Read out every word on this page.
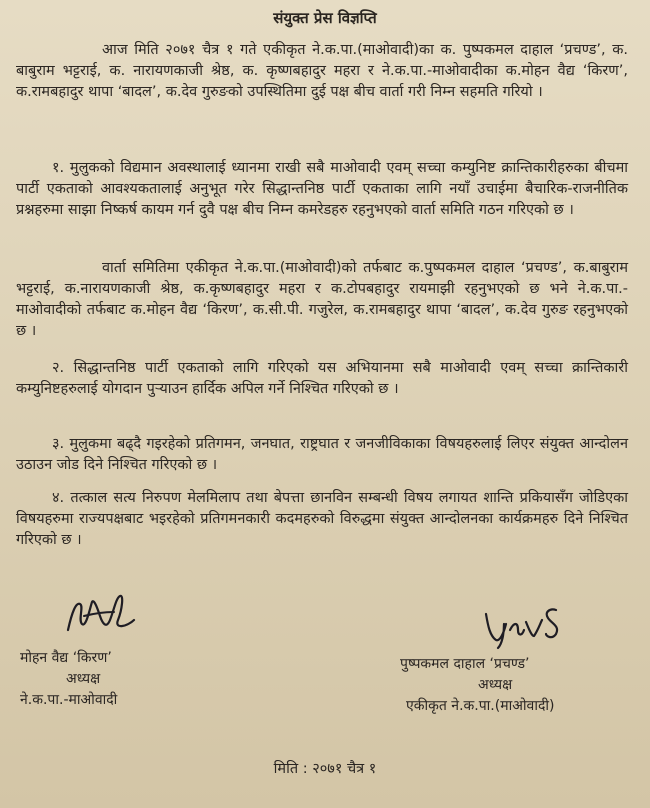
संयुक्त प्रेस विज्ञप्ति

आज मिति २०७१ चैत्र १ गते एकीकृत ने.क.पा.(माओवादी)का क. पुष्पकमल दाहाल ‘प्रचण्ड’, क. बाबुराम भट्टराई, क. नारायणकाजी श्रेष्ठ, क. कृष्णबहादुर महरा र ने.क.पा.-माओवादीका क.मोहन वैद्य ‘किरण’, क.रामबहादुर थापा ‘बादल’, क.देव गुरुङको उपस्थितिमा दुई पक्ष बीच वार्ता गरी निम्न सहमति गरियो ।

१. मुलुकको विद्यमान अवस्थालाई ध्यानमा राखी सबै माओवादी एवम् सच्चा कम्युनिष्ट क्रान्तिकारीहरुका बीचमा पार्टी एकताको आवश्यकतालाई अनुभूत गरेर सिद्धान्तनिष्ठ पार्टी एकताका लागि नयाँ उचाईमा बैचारिक-राजनीतिक प्रश्नहरुमा साझा निष्कर्ष कायम गर्न दुवै पक्ष बीच निम्न कमरेडहरु रहनुभएको वार्ता समिति गठन गरिएको छ ।

वार्ता समितिमा एकीकृत ने.क.पा.(माओवादी)को तर्फबाट क.पुष्पकमल दाहाल ‘प्रचण्ड’, क.बाबुराम भट्टराई, क.नारायणकाजी श्रेष्ठ, क.कृष्णबहादुर महरा र क.टोपबहादुर रायमाझी रहनुभएको छ भने ने.क.पा.-माओवादीको तर्फबाट क.मोहन वैद्य ‘किरण’, क.सी.पी. गजुरेल, क.रामबहादुर थापा ‘बादल’, क.देव गुरुङ रहनुभएको छ ।

२. सिद्धान्तनिष्ठ पार्टी एकताको लागि गरिएको यस अभियानमा सबै माओवादी एवम् सच्चा क्रान्तिकारी कम्युनिष्टहरुलाई योगदान पुऱ्याउन हार्दिक अपिल गर्ने निश्चित गरिएको छ ।

३. मुलुकमा बढ्दै गइरहेको प्रतिगमन, जनघात, राष्ट्रघात र जनजीविकाका विषयहरुलाई लिएर संयुक्त आन्दोलन उठाउन जोड दिने निश्चित गरिएको छ ।

४. तत्काल सत्य निरुपण मेलमिलाप तथा बेपत्ता छानविन सम्बन्धी विषय लगायत शान्ति प्रकियासँग जोडिएका विषयहरुमा राज्यपक्षबाट भइरहेको प्रतिगमनकारी कदमहरुको विरुद्धमा संयुक्त आन्दोलनका कार्यक्रमहरु दिने निश्चित गरिएको छ ।

मोहन वैद्य ‘किरण’
अध्यक्ष
ने.क.पा.-माओवादी
पुष्पकमल दाहाल ‘प्रचण्ड’
अध्यक्ष
एकीकृत ने.क.पा.(माओवादी)
मिति : २०७१ चैत्र १
